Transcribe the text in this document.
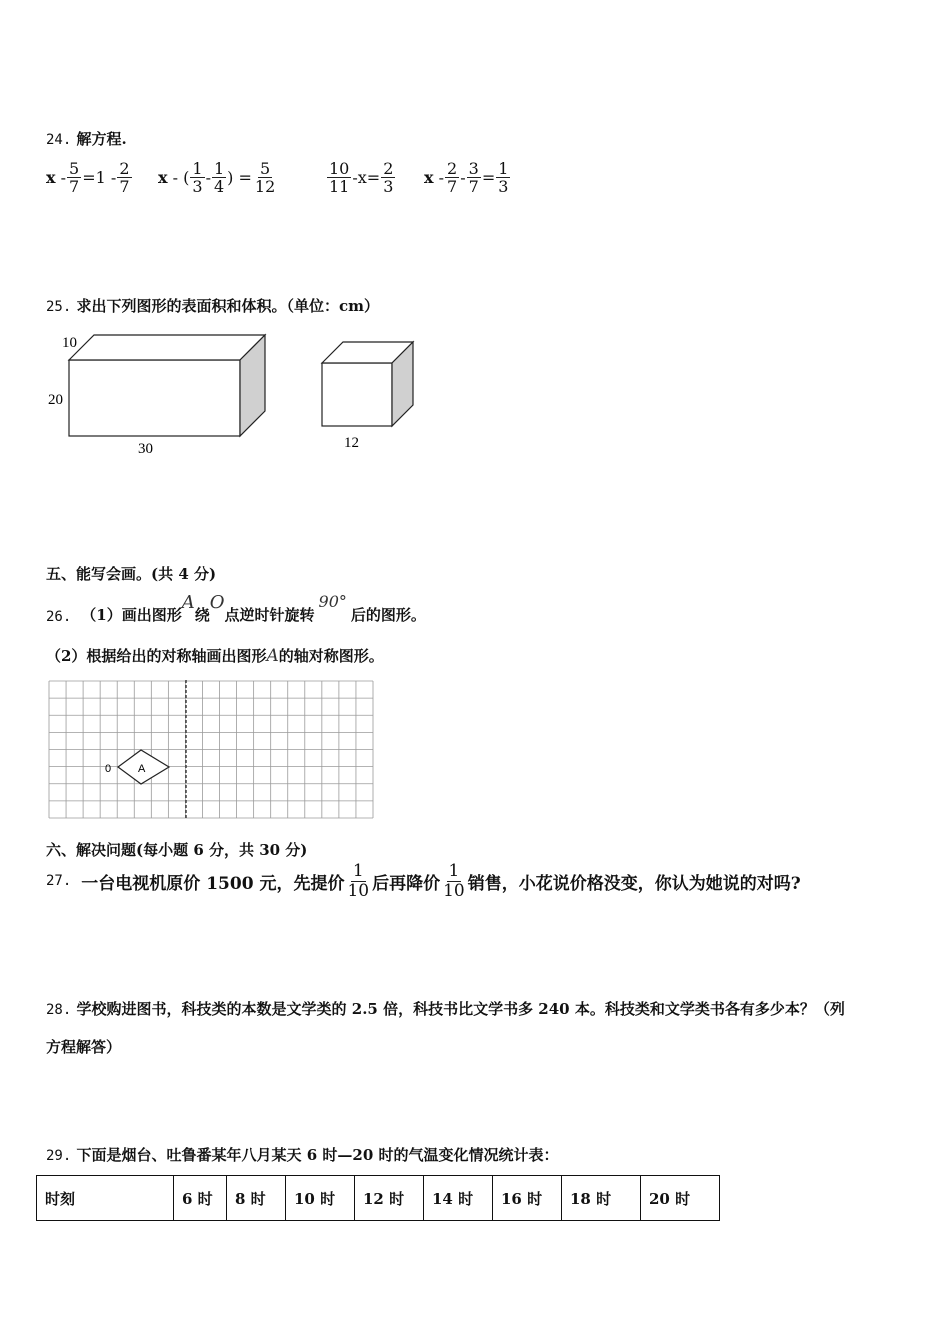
24. 解方程.
x
- $\frac{5}{7} =1 - \frac{2}{7}$ x
-
( $\frac{1}{3} - \frac{1}{4}$ )
= $\frac{5}{12}$	$\frac{10}{11} -x= \frac{2}{3}$ x
- $\frac{2}{7} - \frac{3}{7} = \frac{1}{3}$
25. 求出下列图形的表面积和体积。（单位：cm）
10
20
30	12
五、能写会画。(共 4 分)
26. （1）画出图形
A
绕
O
点逆时针旋转
90°
后的图形。
（2）根据给出的对称轴画出图形 A 的轴对称图形。
0 A
六、解决问题(每小题 6 分，共 30 分)
27. 一台电视机原价 1500 元，先提价 $\frac{1}{10}$ 后再降价 $\frac{1}{10}$ 销售，小花说价格没变，你认为她说的对吗?
28. 学校购进图书，科技类的本数是文学类的 2.5 倍，科技书比文学书多 240 本。科技类和文学类书各有多少本？（列
方程解答）
29. 下面是烟台、吐鲁番某年八月某天 6 时—20 时的气温变化情况统计表：
时刻	6 时	8 时	10 时	12 时	14 时	16 时	18 时	20 时
